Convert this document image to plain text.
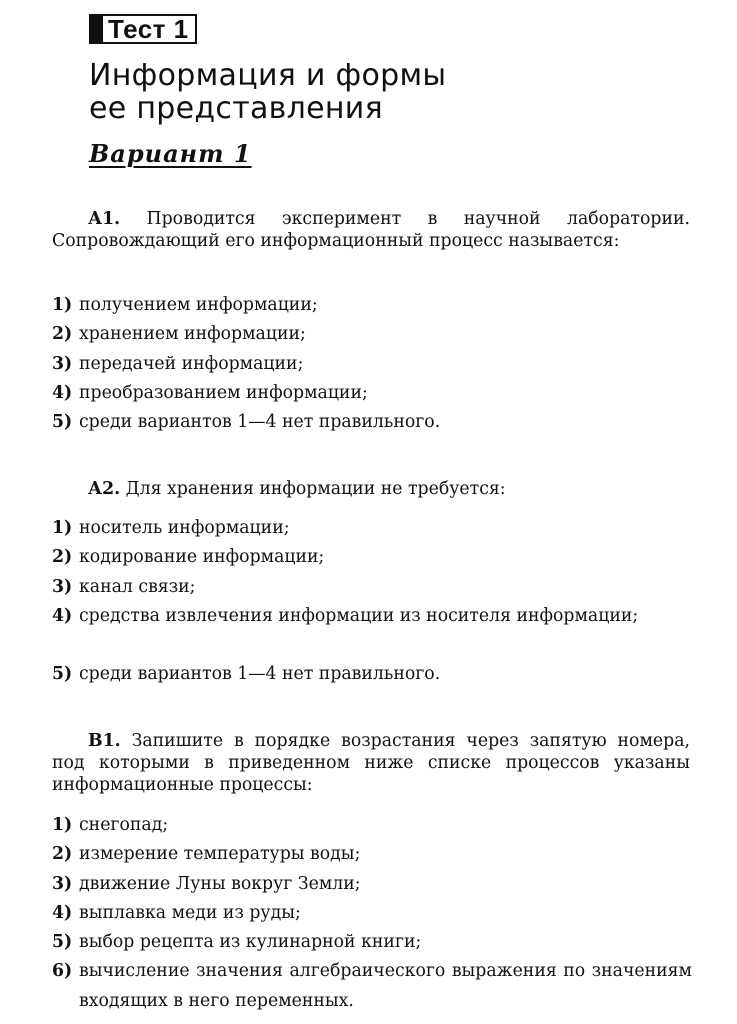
Тест 1
Информация и формы
ее представления
Вариант 1

А1. Проводится эксперимент в научной лаборатории. Сопровождающий его информационный процесс называется:

1) получением информации;
2) хранением информации;
3) передачей информации;
4) преобразованием информации;
5) среди вариантов 1—4 нет правильного.

А2. Для хранения информации не требуется:

1) носитель информации;
2) кодирование информации;
3) канал связи;
4) средства извлечения информации из носителя информации;
5) среди вариантов 1—4 нет правильного.

В1. Запишите в порядке возрастания через запятую номера, под которыми в приведенном ниже списке процессов указаны информационные процессы:

1) снегопад;
2) измерение температуры воды;
3) движение Луны вокруг Земли;
4) выплавка меди из руды;
5) выбор рецепта из кулинарной книги;
6) вычисление значения алгебраического выражения по значениям входящих в него переменных.
